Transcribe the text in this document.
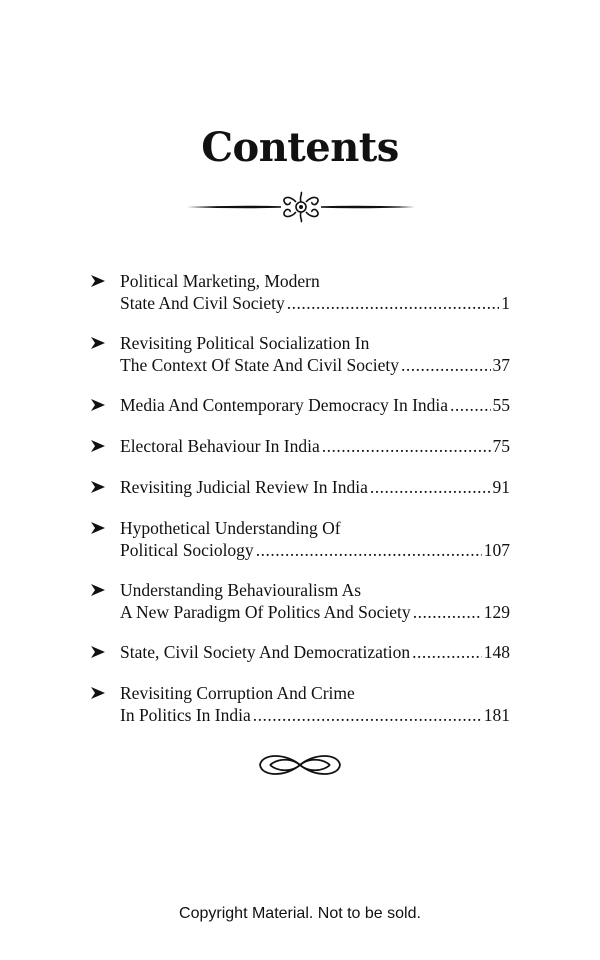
Contents
Political Marketing, Modern
State And Civil Society .....	1
Revisiting Political Socialization In
The Context Of State And Civil Society .....	37
Media And Contemporary Democracy In India .....	55
Electoral Behaviour In India .....	75
Revisiting Judicial Review In India .....	91
Hypothetical Understanding Of
Political Sociology .....	107
Understanding Behaviouralism As
A New Paradigm Of Politics And Society .....	129
State, Civil Society And Democratization .....	148
Revisiting Corruption And Crime
In Politics In India .....	181
Copyright Material. Not to be sold.
